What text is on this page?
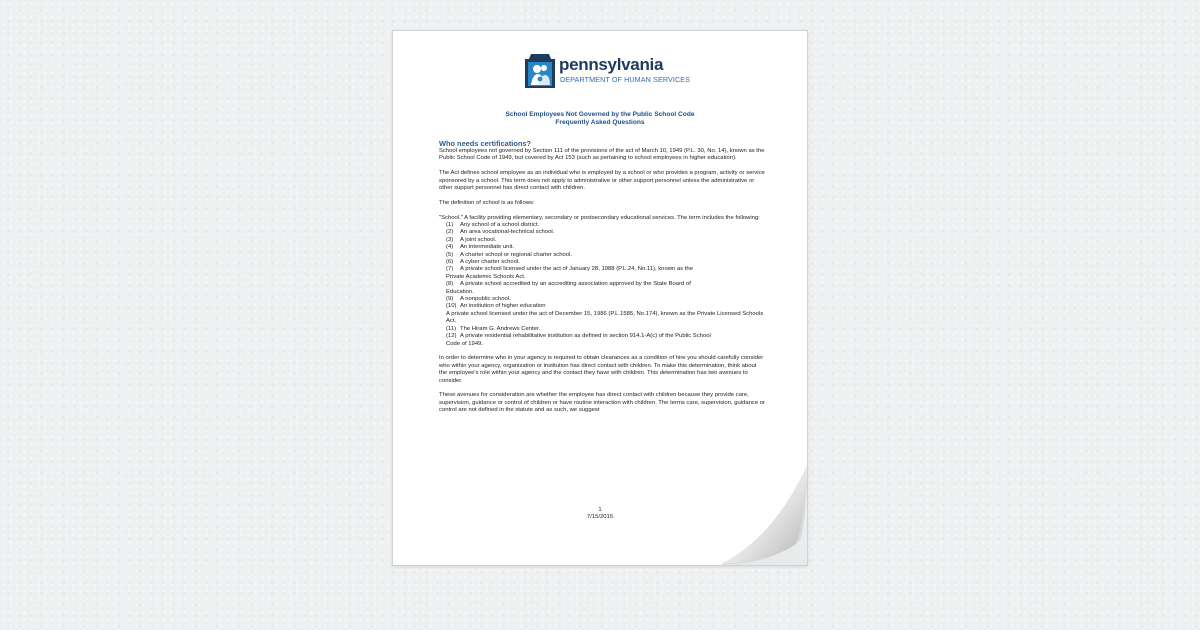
pennsylvania
DEPARTMENT OF HUMAN SERVICES
School Employees Not Governed by the Public School Code
Frequently Asked Questions
Who needs certifications?

School employees not governed by Section 111 of the provisions of the act of March 10, 1949 (P.L. 30, No. 14), known as the Public School Code of 1949, but covered by Act 153 (such as pertaining to school employees in higher education).

The Act defines school employee as an individual who is employed by a school or who provides a program, activity or service sponsored by a school. This term does not apply to administrative or other support personnel unless the administrative or other support personnel has direct contact with children.

The definition of school is as follows:

"School." A facility providing elementary, secondary or postsecondary educational services. The term includes the following:
(1)	Any school of a school district.
(2)	An area vocational-technical school.
(3)	A joint school.
(4)	An intermediate unit.
(5)	A charter school or regional charter school.
(6)	A cyber charter school.
(7)	A private school licensed under the act of January 28, 1988 (P.L.24, No.11), known as the
Private Academic Schools Act.
(8)	A private school accredited by an accrediting association approved by the State Board of
Education.
(9)	A nonpublic school.
(10) An institution of higher education
A private school licensed under the act of December 15, 1986 (P.L.1585, No.174), known as the Private Licensed Schools Act.
(11) The Hiram G. Andrews Center.
(12) A private residential rehabilitative institution as defined in section 914.1-A(c) of the Public School
Code of 1949.

In order to determine who in your agency is required to obtain clearances as a condition of hire you should carefully consider who within your agency, organization or institution has direct contact with children. To make this determination, think about the employee's role within your agency and the contact they have with children. This determination has two avenues to consider.

These avenues for consideration are whether the employee has direct contact with children because they provide care, supervision, guidance or control of children or have routine interaction with children. The terms care, supervision, guidance or control are not defined in the statute and as such, we suggest

1
7/15/2015
